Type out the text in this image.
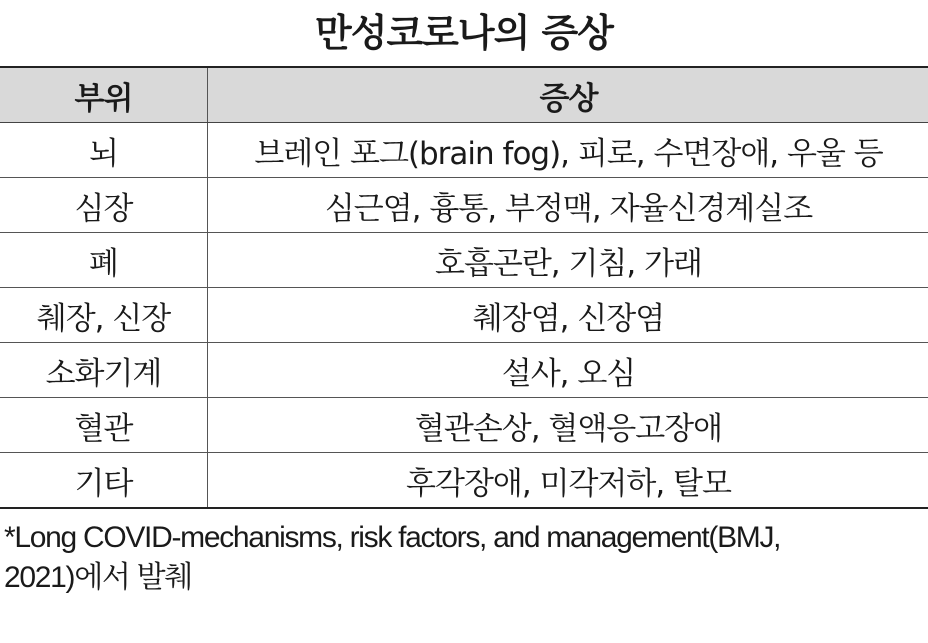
만성코로나의 증상
부위	증상
뇌	브레인 포그(brain fog), 피로, 수면장애, 우울 등
심장	심근염, 흉통, 부정맥, 자율신경계실조
폐	호흡곤란, 기침, 가래
췌장, 신장	췌장염, 신장염
소화기계	설사, 오심
혈관	혈관손상, 혈액응고장애
기타	후각장애, 미각저하, 탈모
*Long COVID-mechanisms, risk factors, and management(BMJ,
2021)에서 발췌
